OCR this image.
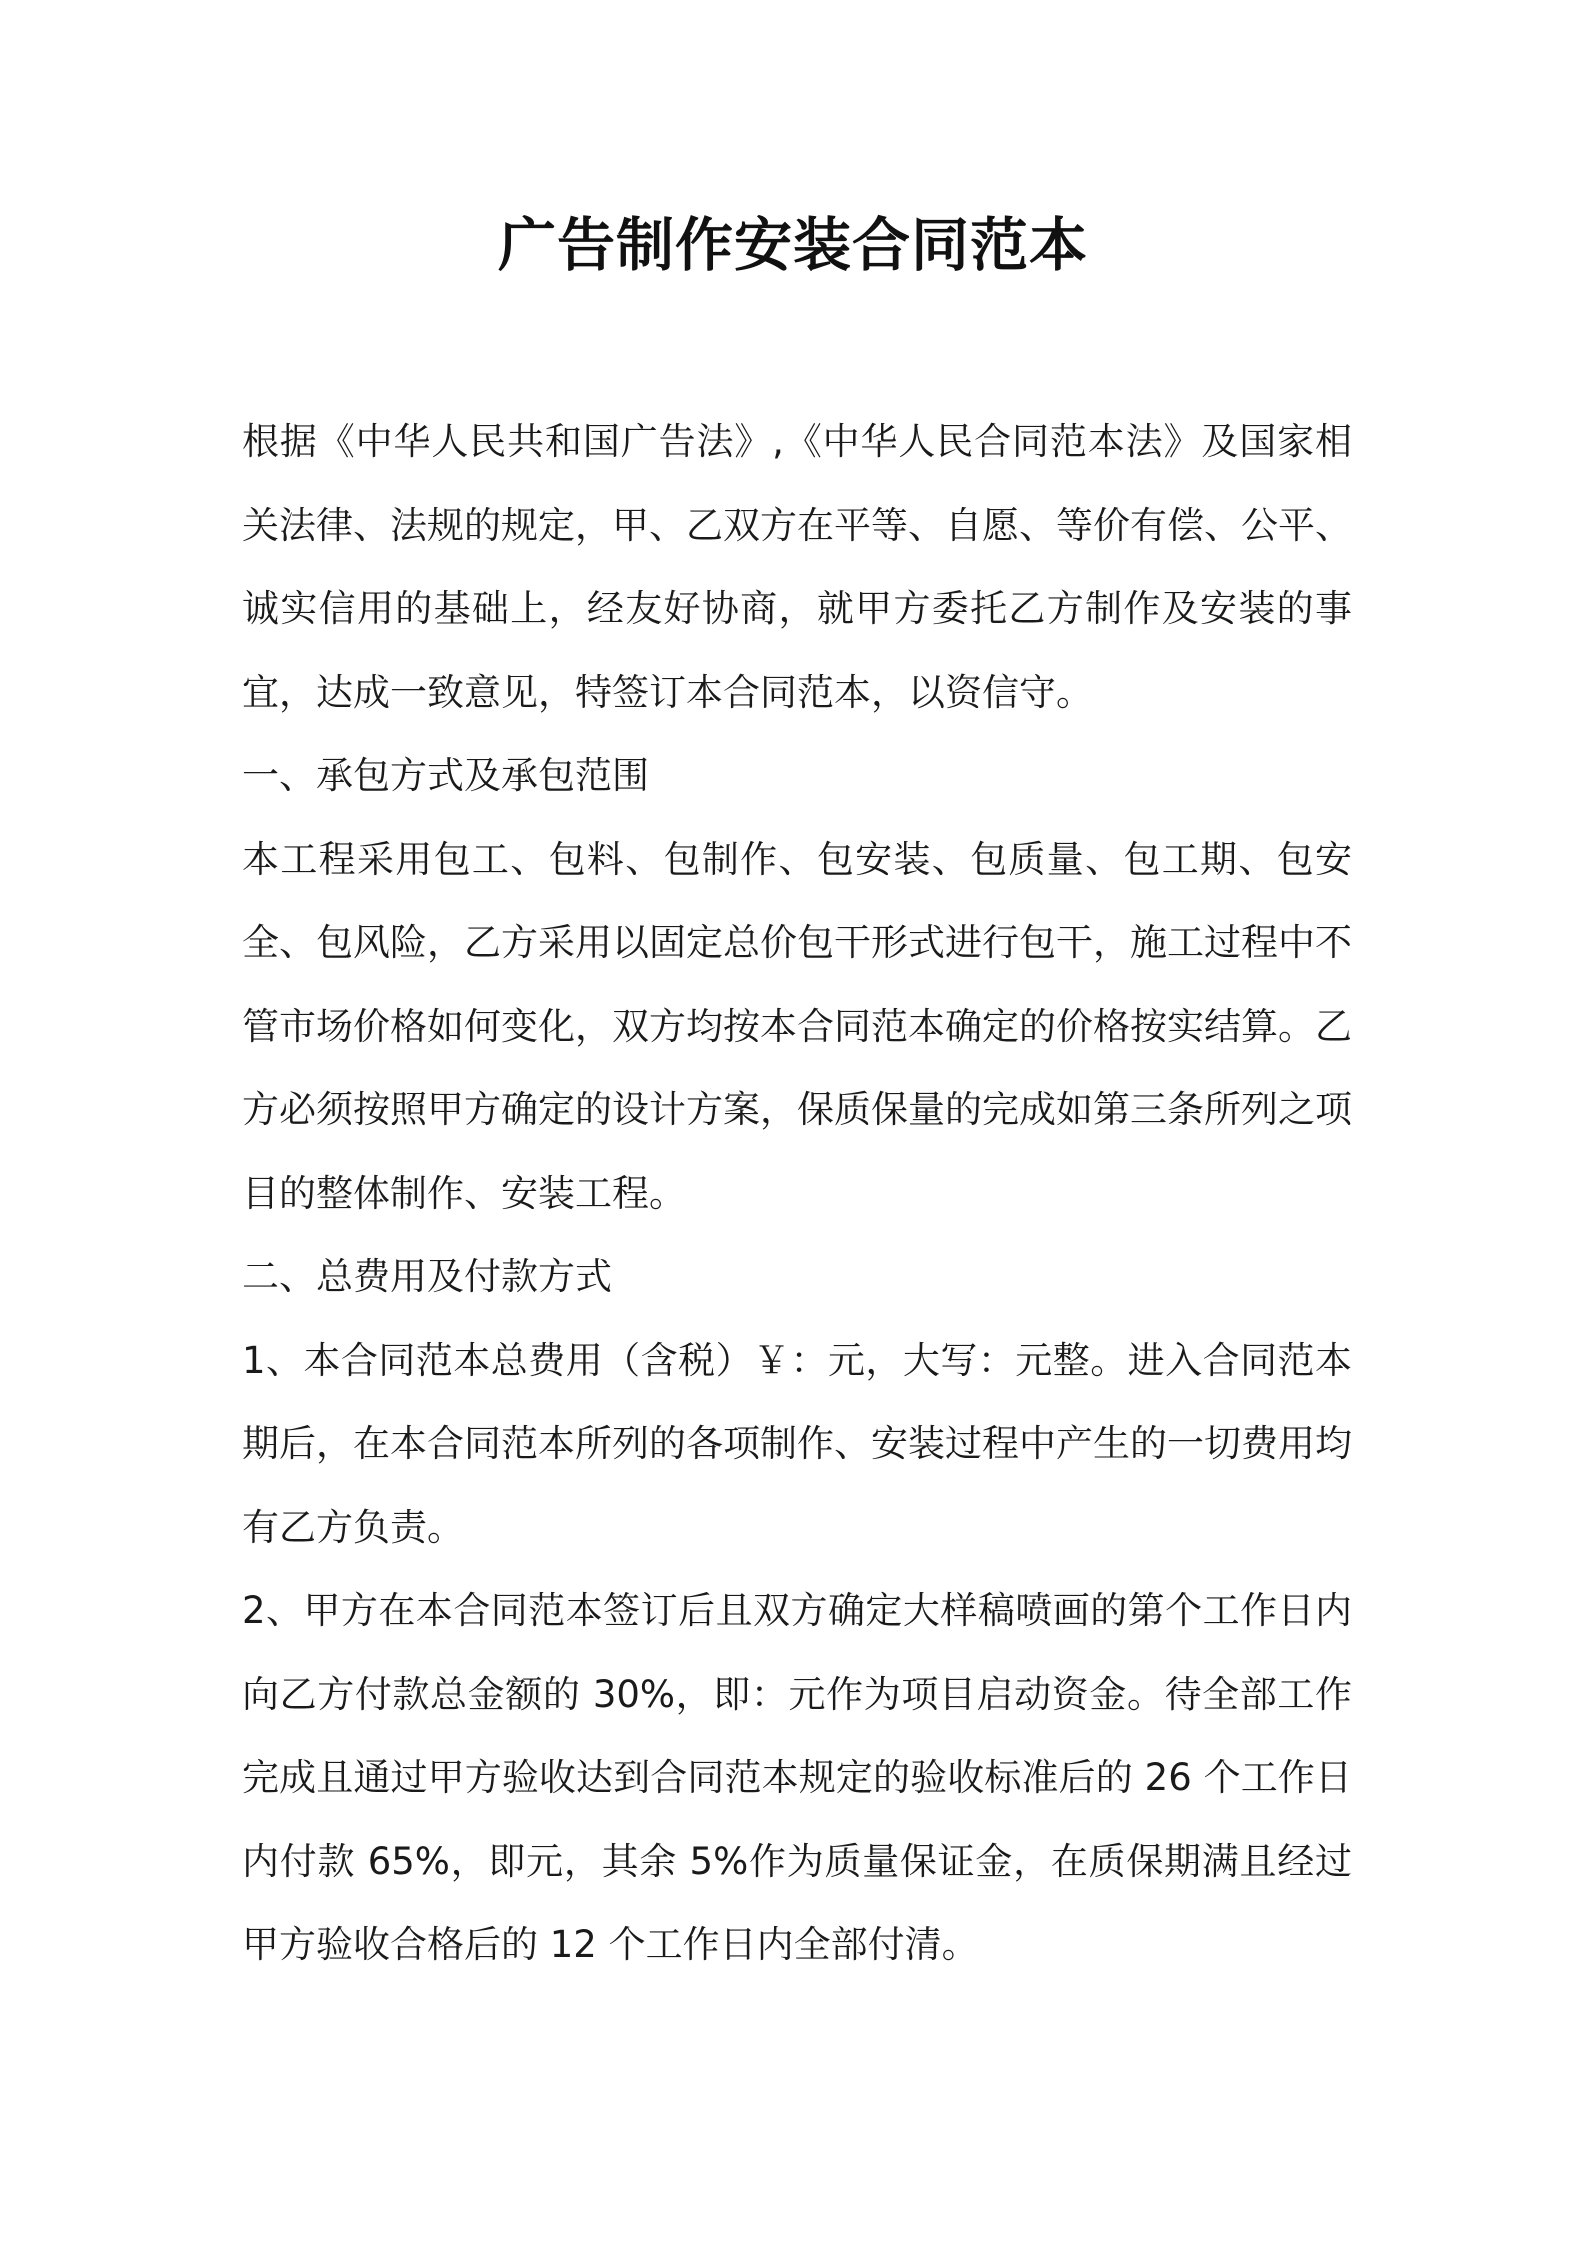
广告制作安装合同范本

根据《中华人民共和国广告法》,《中华人民合同范本法》及国家相关法律、法规的规定，甲、乙双方在平等、自愿、等价有偿、公平、诚实信用的基础上，经友好协商，就甲方委托乙方制作及安装的事宜，达成一致意见，特签订本合同范本，以资信守。

一、承包方式及承包范围

本工程采用包工、包料、包制作、包安装、包质量、包工期、包安全、包风险，乙方采用以固定总价包干形式进行包干，施工过程中不管市场价格如何变化，双方均按本合同范本确定的价格按实结算。乙方必须按照甲方确定的设计方案，保质保量的完成如第三条所列之项目的整体制作、安装工程。

二、总费用及付款方式

1、本合同范本总费用（含税）￥：元，大写：元整。进入合同范本期后，在本合同范本所列的各项制作、安装过程中产生的一切费用均有乙方负责。

2、甲方在本合同范本签订后且双方确定大样稿喷画的第个工作日内向乙方付款总金额的 30%，即：元作为项目启动资金。待全部工作完成且通过甲方验收达到合同范本规定的验收标准后的 26 个工作日内付款 65%，即元，其余 5%作为质量保证金，在质保期满且经过甲方验收合格后的 12 个工作日内全部付清。
